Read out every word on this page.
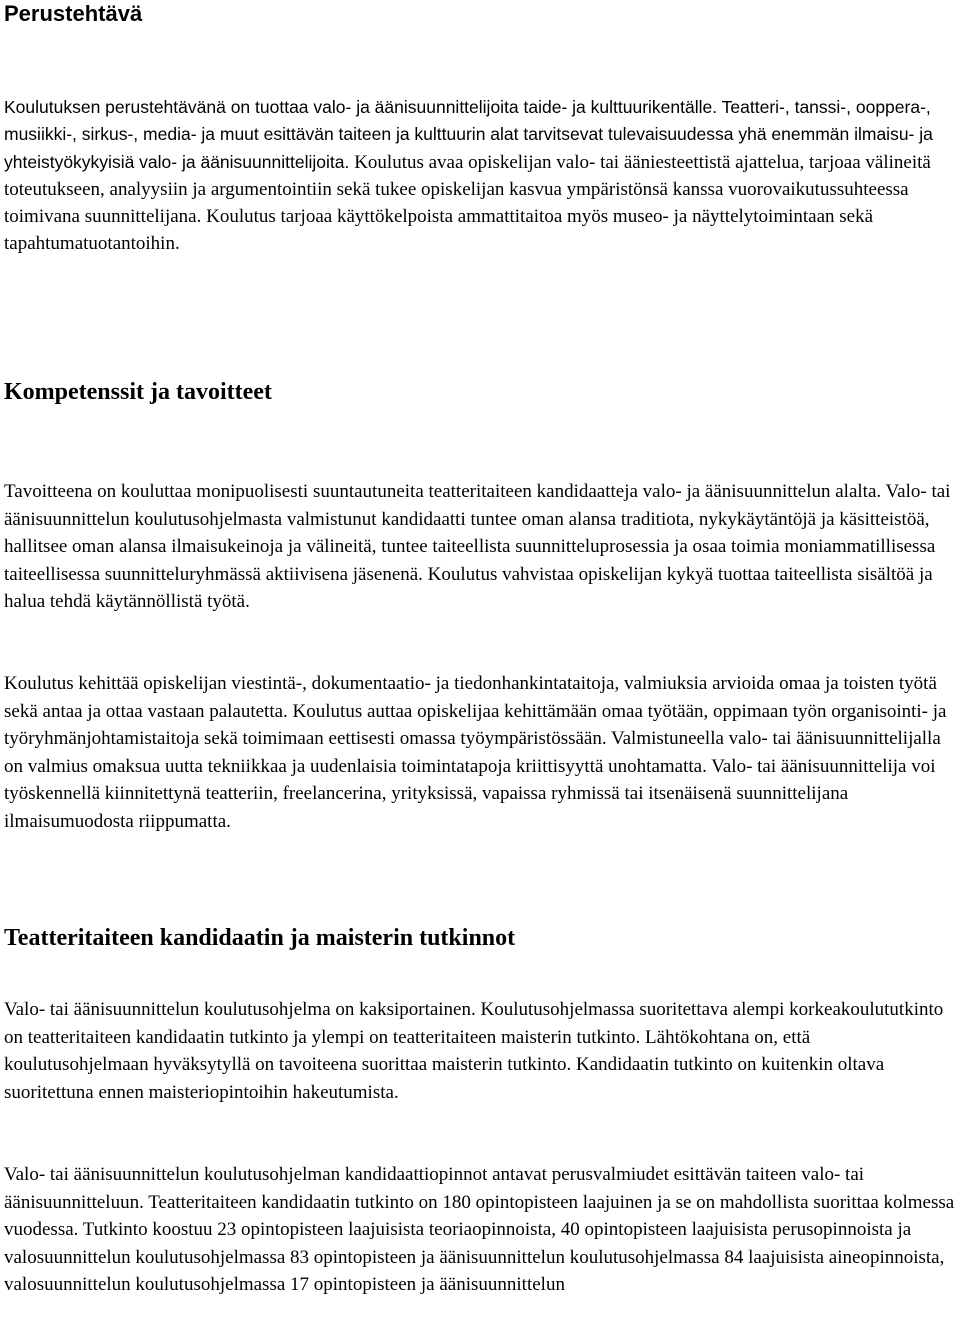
Perustehtävä

Koulutuksen perustehtävänä on tuottaa valo- ja äänisuunnittelijoita taide- ja kulttuurikentälle. Teatteri-, tanssi-, ooppera-, musiikki-, sirkus-, media- ja muut esittävän taiteen ja kulttuurin alat tarvitsevat tulevaisuudessa yhä enemmän ilmaisu- ja yhteistyökykyisiä valo- ja äänisuunnittelijoita. Koulutus avaa opiskelijan valo- tai ääniesteettistä ajattelua, tarjoaa välineitä toteutukseen, analyysiin ja argumentointiin sekä tukee opiskelijan kasvua ympäristönsä kanssa vuorovaikutussuhteessa toimivana suunnittelijana. Koulutus tarjoaa käyttökelpoista ammattitaitoa myös museo- ja näyttelytoimintaan sekä tapahtumatuotantoihin.

Kompetenssit ja tavoitteet

Tavoitteena on kouluttaa monipuolisesti suuntautuneita teatteritaiteen kandidaatteja valo- ja äänisuunnittelun alalta. Valo- tai äänisuunnittelun koulutusohjelmasta valmistunut kandidaatti tuntee oman alansa traditiota, nykykäytäntöjä ja käsitteistöä, hallitsee oman alansa ilmaisukeinoja ja välineitä, tuntee taiteellista suunnitteluprosessia ja osaa toimia moniammatillisessa taiteellisessa suunnitteluryhmässä aktiivisena jäsenenä. Koulutus vahvistaa opiskelijan kykyä tuottaa taiteellista sisältöä ja halua tehdä käytännöllistä työtä.

Koulutus kehittää opiskelijan viestintä-, dokumentaatio- ja tiedonhankintataitoja, valmiuksia arvioida omaa ja toisten työtä sekä antaa ja ottaa vastaan palautetta. Koulutus auttaa opiskelijaa kehittämään omaa työtään, oppimaan työn organisointi- ja työryhmänjohtamistaitoja sekä toimimaan eettisesti omassa työympäristössään. Valmistuneella valo- tai äänisuunnittelijalla on valmius omaksua uutta tekniikkaa ja uudenlaisia toimintatapoja kriittisyyttä unohtamatta. Valo- tai äänisuunnittelija voi työskennellä kiinnitettynä teatteriin, freelancerina, yrityksissä, vapaissa ryhmissä tai itsenäisenä suunnittelijana ilmaisumuodosta riippumatta.

Teatteritaiteen kandidaatin ja maisterin tutkinnot

Valo- tai äänisuunnittelun koulutusohjelma on kaksiportainen. Koulutusohjelmassa suoritettava alempi korkeakoulututkinto on teatteritaiteen kandidaatin tutkinto ja ylempi on teatteritaiteen maisterin tutkinto. Lähtökohtana on, että koulutusohjelmaan hyväksytyllä on tavoiteena suorittaa maisterin tutkinto. Kandidaatin tutkinto on kuitenkin oltava suoritettuna ennen maisteriopintoihin hakeutumista.

Valo- tai äänisuunnittelun koulutusohjelman kandidaattiopinnot antavat perusvalmiudet esittävän taiteen valo- tai äänisuunnitteluun. Teatteritaiteen kandidaatin tutkinto on 180 opintopisteen laajuinen ja se on mahdollista suorittaa kolmessa vuodessa. Tutkinto koostuu 23 opintopisteen laajuisista teoriaopinnoista, 40 opintopisteen laajuisista perusopinnoista ja valosuunnittelun koulutusohjelmassa 83 opintopisteen ja äänisuunnittelun koulutusohjelmassa 84 laajuisista aineopinnoista, valosuunnittelun koulutusohjelmassa 17 opintopisteen ja äänisuunnittelun
